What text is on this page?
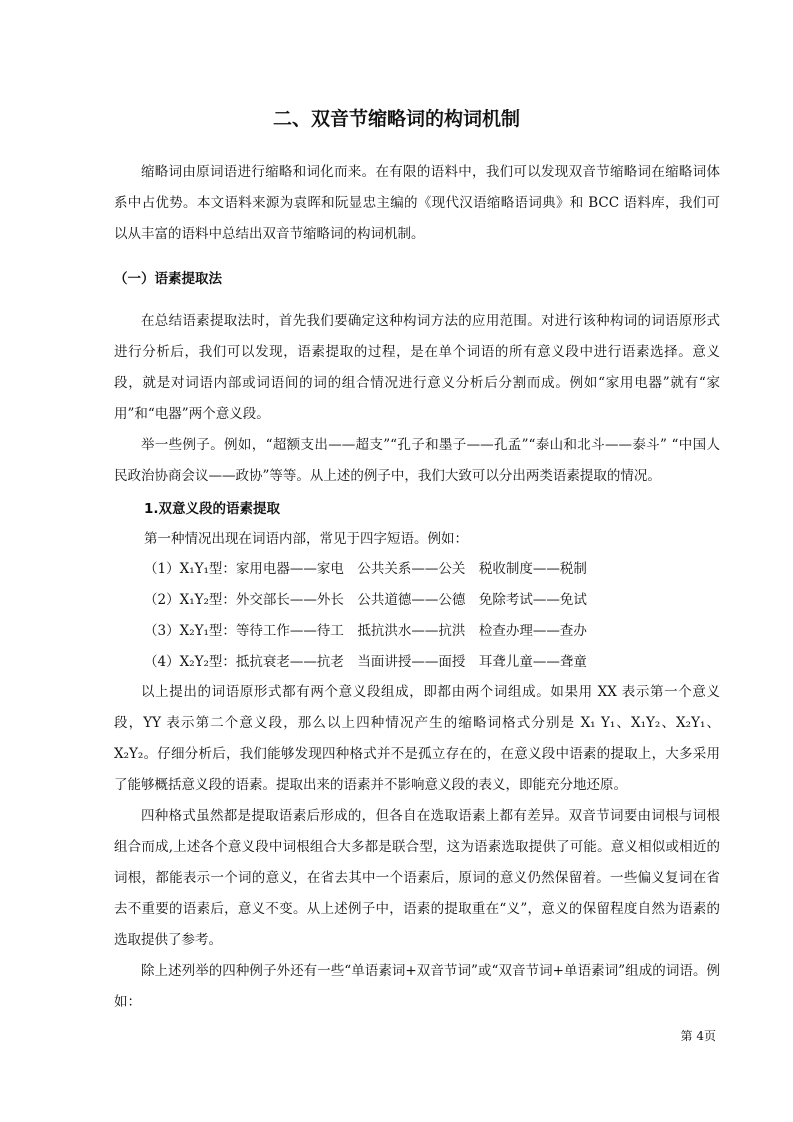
二、双音节缩略词的构词机制

缩略词由原词语进行缩略和词化而来。在有限的语料中，我们可以发现双音节缩略词在缩略词体系中占优势。本文语料来源为袁晖和阮显忠主编的《现代汉语缩略语词典》和 BCC 语料库，我们可以从丰富的语料中总结出双音节缩略词的构词机制。

（一）语素提取法

在总结语素提取法时，首先我们要确定这种构词方法的应用范围。对进行该种构词的词语原形式进行分析后，我们可以发现，语素提取的过程，是在单个词语的所有意义段中进行语素选择。意义段，就是对词语内部或词语间的词的组合情况进行意义分析后分割而成。例如“家用电器”就有“家用”和“电器”两个意义段。

举一些例子。例如，“超额支出——超支”“孔子和墨子——孔孟”“泰山和北斗——泰斗” “中国人民政治协商会议——政协”等等。从上述的例子中，我们大致可以分出两类语素提取的情况。

1.双意义段的语素提取
第一种情况出现在词语内部，常见于四字短语。例如：
（1）X₁Y₁型：家用电器——家电　公共关系——公关　税收制度——税制
（2）X₁Y₂型：外交部长——外长　公共道德——公德　免除考试——免试
（3）X₂Y₁型：等待工作——待工　抵抗洪水——抗洪　检查办理——查办
（4）X₂Y₂型：抵抗衰老——抗老　当面讲授——面授　耳聋儿童——聋童

以上提出的词语原形式都有两个意义段组成，即都由两个词组成。如果用 XX 表示第一个意义段，YY 表示第二个意义段，那么以上四种情况产生的缩略词格式分别是 X₁ Y₁、X₁Y₂、X₂Y₁、X₂Y₂。仔细分析后，我们能够发现四种格式并不是孤立存在的，在意义段中语素的提取上，大多采用了能够概括意义段的语素。提取出来的语素并不影响意义段的表义，即能充分地还原。

四种格式虽然都是提取语素后形成的，但各自在选取语素上都有差异。双音节词要由词根与词根组合而成,上述各个意义段中词根组合大多都是联合型，这为语素选取提供了可能。意义相似或相近的词根，都能表示一个词的意义，在省去其中一个语素后，原词的意义仍然保留着。一些偏义复词在省去不重要的语素后，意义不变。从上述例子中，语素的提取重在“义”，意义的保留程度自然为语素的选取提供了参考。

除上述列举的四种例子外还有一些“单语素词+双音节词”或“双音节词+单语素词”组成的词语。例如：

第 4页
